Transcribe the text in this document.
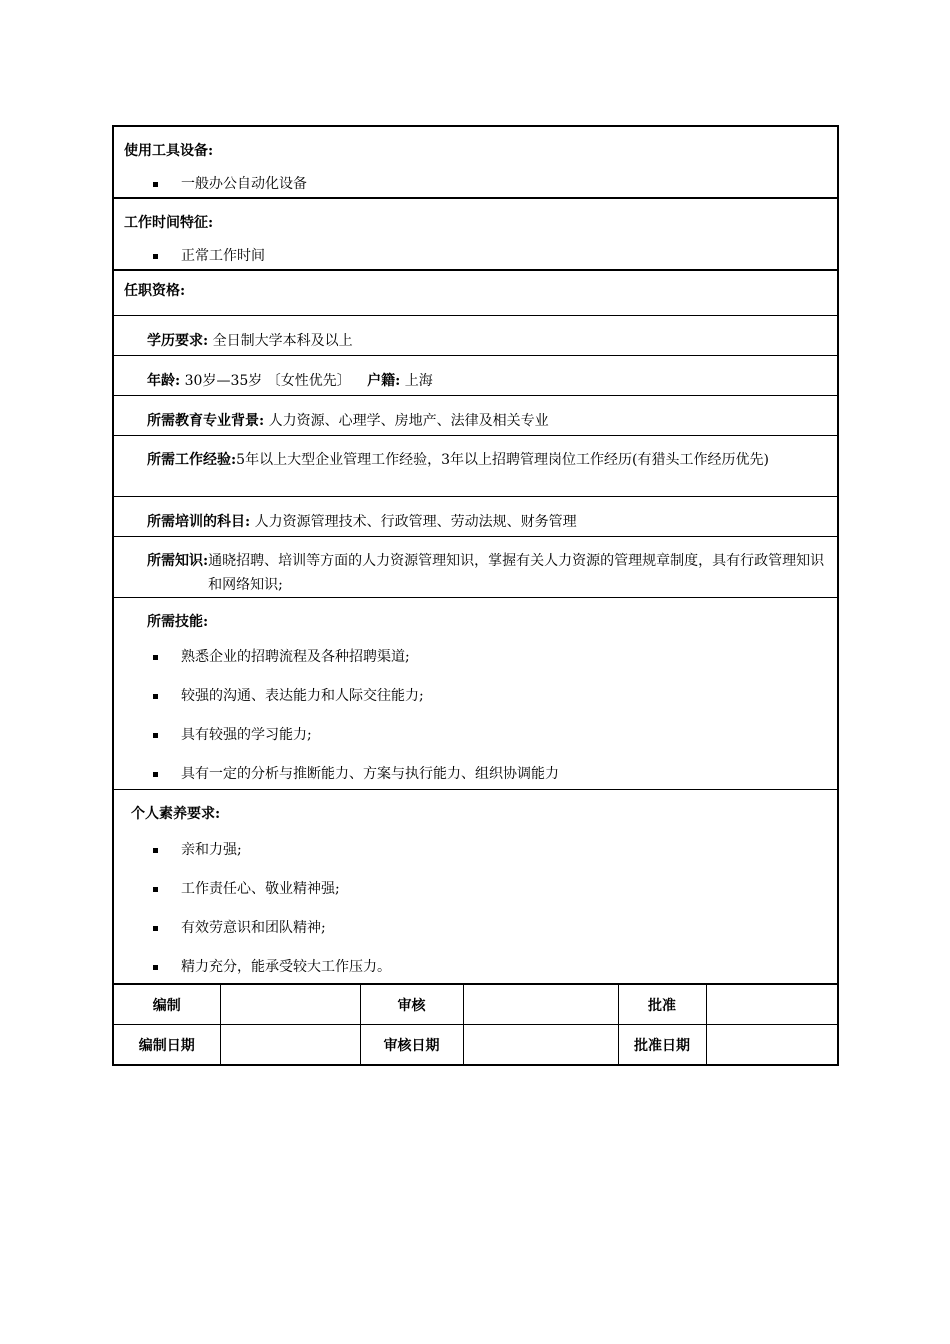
使用工具设备:
一般办公自动化设备
工作时间特征:
正常工作时间
任职资格:
学历要求: 全日制大学本科及以上
年龄: 30岁—35岁 〔女性优先〕 户籍: 上海
所需教育专业背景: 人力资源、心理学、房地产、法律及相关专业
所需工作经验: 5年以上大型企业管理工作经验，3年以上招聘管理岗位工作经历(有猎头工作经历优先)
所需培训的科目: 人力资源管理技术、行政管理、劳动法规、财务管理
所需知识: 通晓招聘、培训等方面的人力资源管理知识，掌握有关人力资源的管理规章制度，具有行政管理知识和网络知识;
所需技能:
熟悉企业的招聘流程及各种招聘渠道;
较强的沟通、表达能力和人际交往能力;
具有较强的学习能力;
具有一定的分析与推断能力、方案与执行能力、组织协调能力
个人素养要求:
亲和力强;
工作责任心、敬业精神强;
有效劳意识和团队精神;
精力充分，能承受较大工作压力。
编制		审核		批准	
编制日期		审核日期		批准日期	
